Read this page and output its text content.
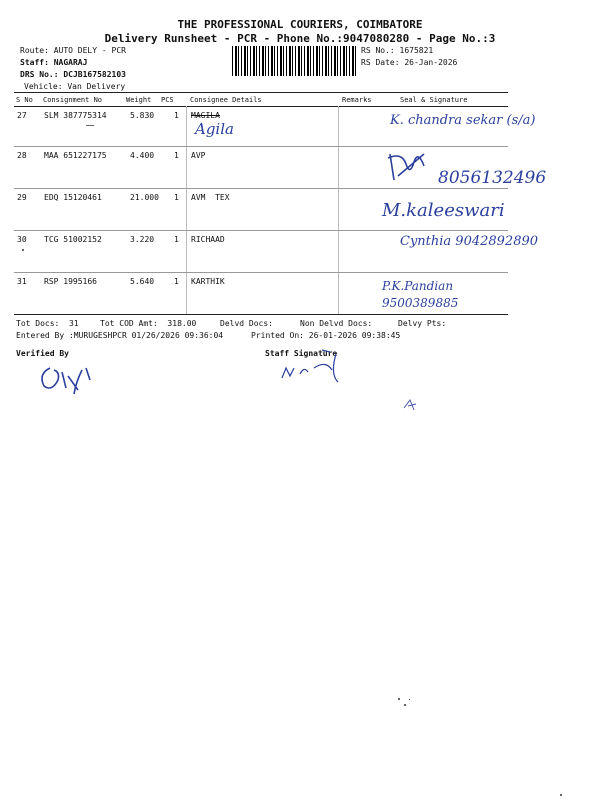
THE PROFESSIONAL COURIERS, COIMBATORE
Delivery Runsheet - PCR - Phone No.:9047080280 - Page No.:3
Route: AUTO DELY - PCR
Staff: NAGARAJ
DRS No.: DCJB167582103
Vehicle: Van Delivery
RS No.: 1675821
RS Date: 26-Jan-2026
S No Consignment No	Weight PCS Consignee Details	Remarks	Seal & Signature
27 SLM 387775314	5.830 1 MAGILA
Agila	K. chandra sekar (s/a)
28 MAA 651227175	4.400 1 AVP
8056132496
29 EDQ 15120461	21.000 1 AVM  TEX
M.kaleeswari
30 TCG 51002152	3.220 1 RICHAAD	Cynthia 9042892890
31 RSP 1995166	5.640 1 KARTHIK	P.K.Pandian 9500389885
Tot Docs:  31	Tot COD Amt:  318.00	Delvd Docs:	Non Delvd Docs:	Delvy Pts:
Entered By :MURUGESHPCR 01/26/2026 09:36:04	Printed On: 26-01-2026 09:38:45
Verified By	Staff Signature
